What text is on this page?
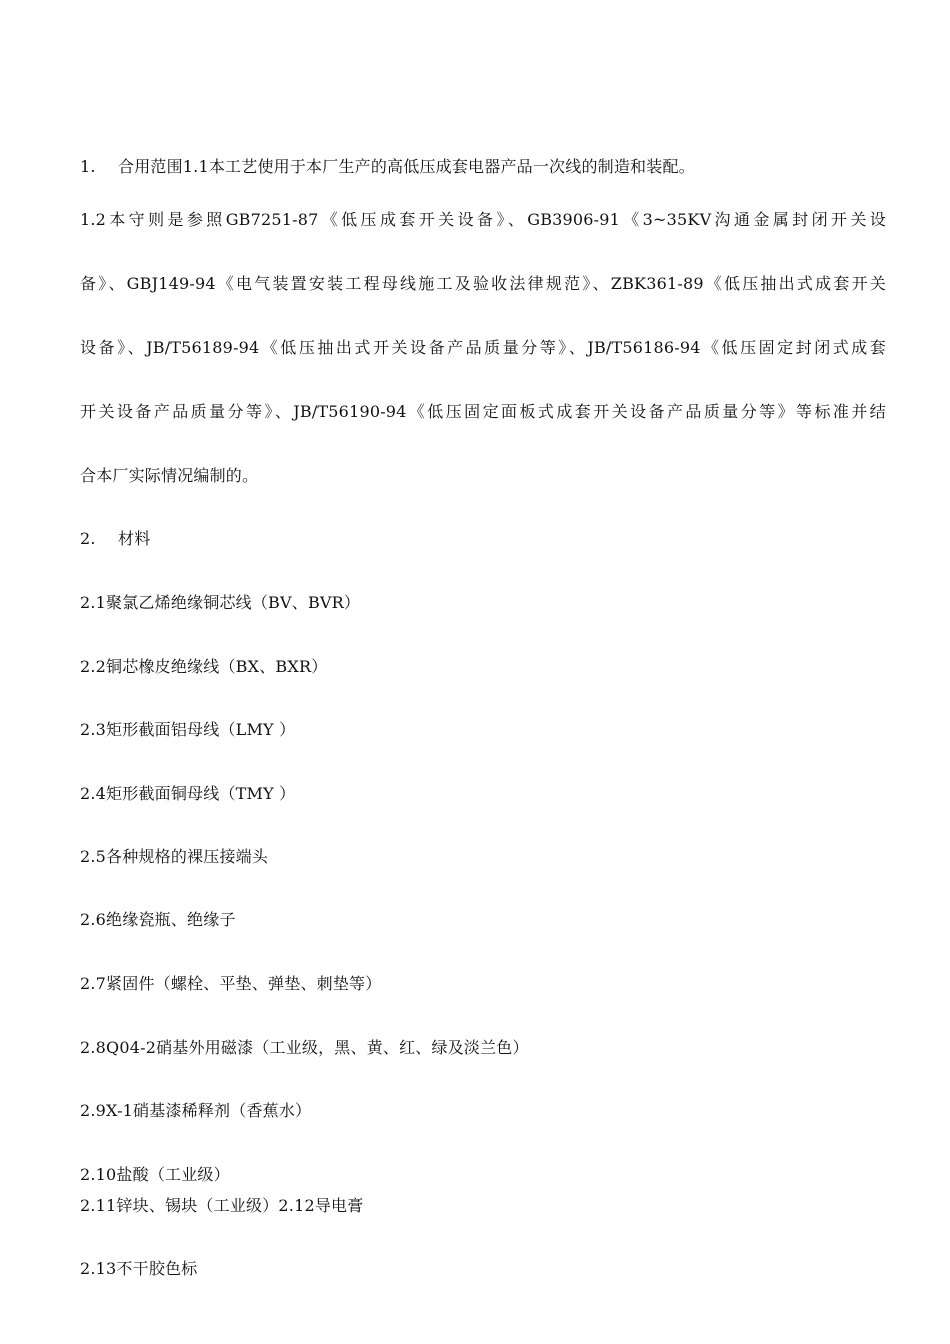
1. 合用范围1.1本工艺使用于本厂生产的高低压成套电器产品一次线的制造和装配。
1.2本守则是参照GB7251-87《低压成套开关设备》、GB3906-91《3~35KV沟通金属封闭开关设
备》、GBJ149-94《电气装置安装工程母线施工及验收法律规范》、ZBK361-89《低压抽出式成套开关
设备》、JB/T56189-94《低压抽出式开关设备产品质量分等》、JB/T56186-94《低压固定封闭式成套
开关设备产品质量分等》、JB/T56190-94《低压固定面板式成套开关设备产品质量分等》等标准并结
合本厂实际情况编制的。
2. 材料
2.1聚氯乙烯绝缘铜芯线（BV、BVR）
2.2铜芯橡皮绝缘线（BX、BXR）
2.3矩形截面铝母线（LMY ）
2.4矩形截面铜母线（TMY ）
2.5各种规格的裸压接端头
2.6绝缘瓷瓶、绝缘子
2.7紧固件（螺栓、平垫、弹垫、刺垫等）
2.8Q04-2硝基外用磁漆（工业级，黑、黄、红、绿及淡兰色）
2.9X-1硝基漆稀释剂（香蕉水）
2.10盐酸（工业级）
2.11锌块、锡块（工业级）2.12导电膏
2.13不干胶色标
